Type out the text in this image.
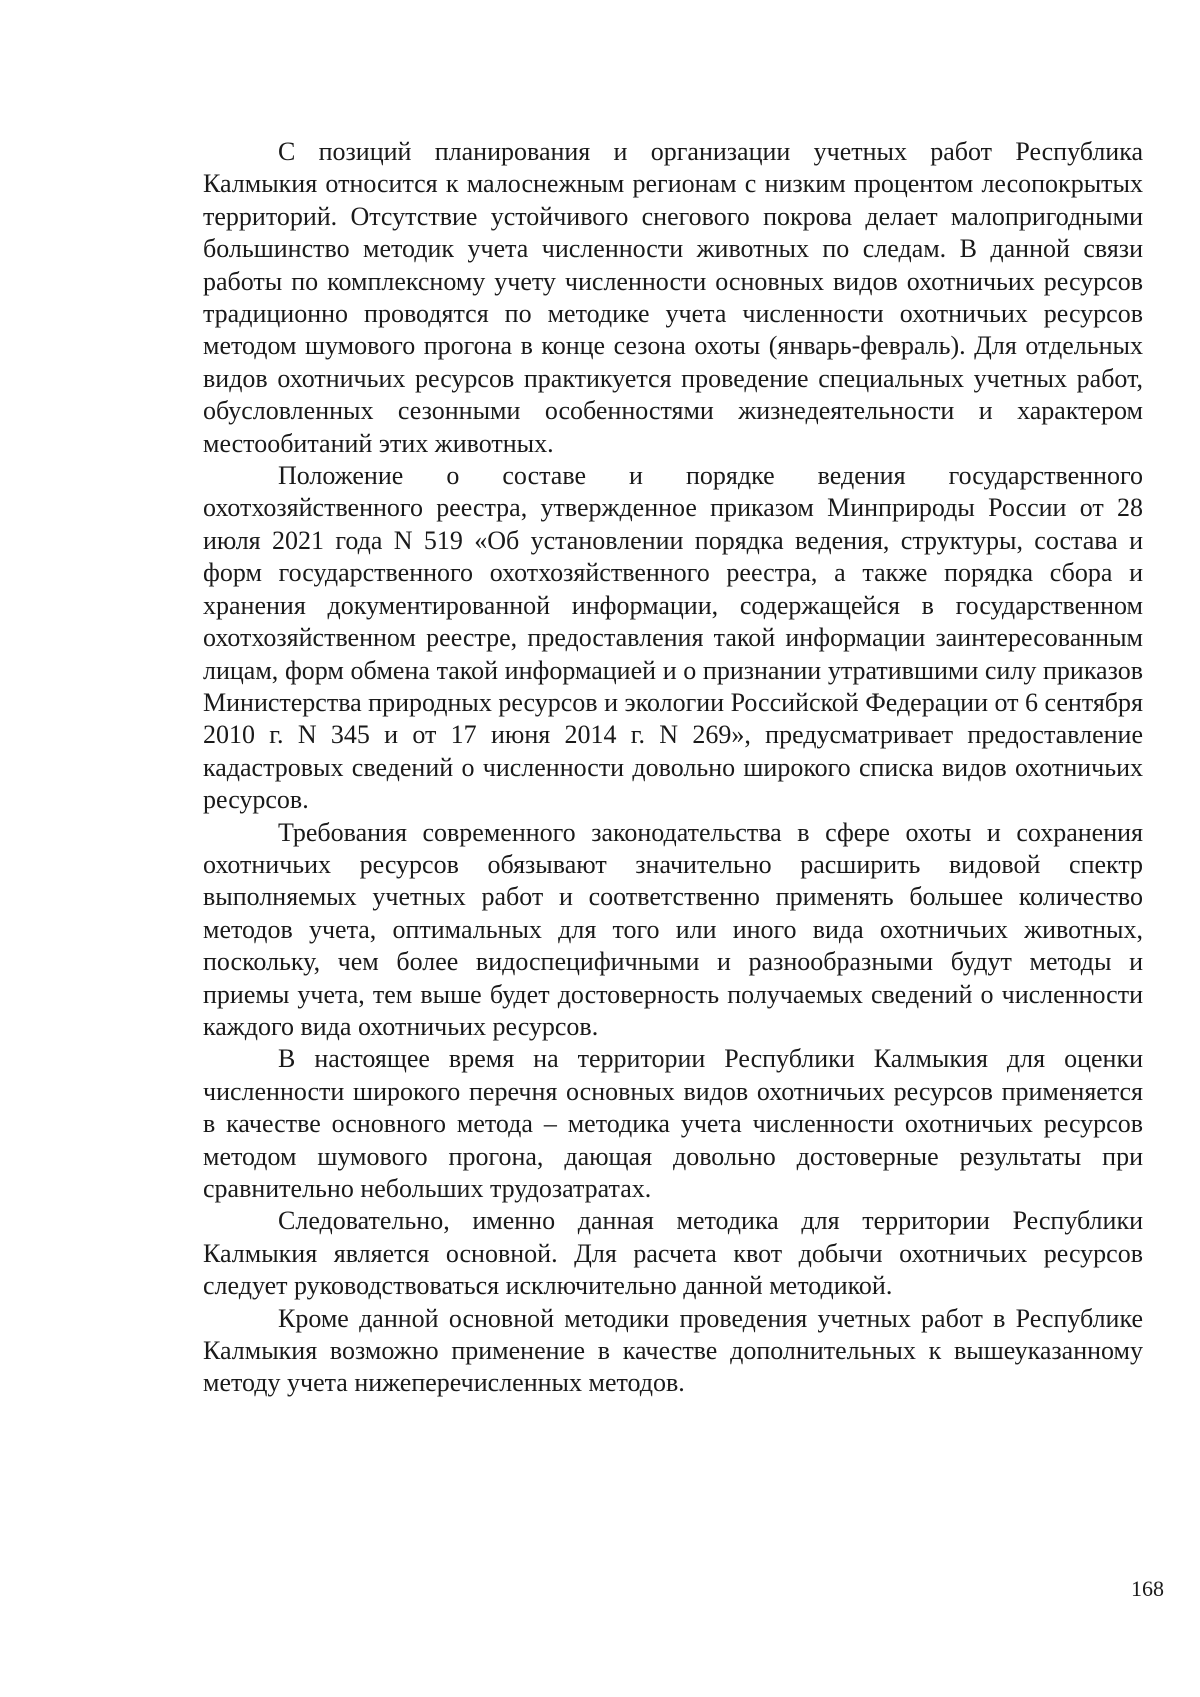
С позиций планирования и организации учетных работ Республика Калмыкия относится к малоснежным регионам с низким процентом лесопокрытых территорий. Отсутствие устойчивого снегового покрова делает малопригодными большинство методик учета численности животных по следам. В данной связи работы по комплексному учету численности основных видов охотничьих ресурсов традиционно проводятся по методике учета численности охотничьих ресурсов методом шумового прогона в конце сезона охоты (январь-февраль). Для отдельных видов охотничьих ресурсов практикуется проведение специальных учетных работ, обусловленных сезонными особенностями жизнедеятельности и характером местообитаний этих животных.

Положение о составе и порядке ведения государственного охотхозяйственного реестра, утвержденное приказом Минприроды России от 28 июля 2021 года N 519 «Об установлении порядка ведения, структуры, состава и форм государственного охотхозяйственного реестра, а также порядка сбора и хранения документированной информации, содержащейся в государственном охотхозяйственном реестре, предоставления такой информации заинтересованным лицам, форм обмена такой информацией и о признании утратившими силу приказов Министерства природных ресурсов и экологии Российской Федерации от 6 сентября 2010 г. N 345 и от 17 июня 2014 г. N 269», предусматривает предоставление кадастровых сведений о численности довольно широкого списка видов охотничьих ресурсов.

Требования современного законодательства в сфере охоты и сохранения охотничьих ресурсов обязывают значительно расширить видовой спектр выполняемых учетных работ и соответственно применять большее количество методов учета, оптимальных для того или иного вида охотничьих животных, поскольку, чем более видоспецифичными и разнообразными будут методы и приемы учета, тем выше будет достоверность получаемых сведений о численности каждого вида охотничьих ресурсов.

В настоящее время на территории Республики Калмыкия для оценки численности широкого перечня основных видов охотничьих ресурсов применяется в качестве основного метода – методика учета численности охотничьих ресурсов методом шумового прогона, дающая довольно достоверные результаты при сравнительно небольших трудозатратах.

Следовательно, именно данная методика для территории Республики Калмыкия является основной. Для расчета квот добычи охотничьих ресурсов следует руководствоваться исключительно данной методикой.

Кроме данной основной методики проведения учетных работ в Республике Калмыкия возможно применение в качестве дополнительных к вышеуказанному методу учета нижеперечисленных методов.

168
